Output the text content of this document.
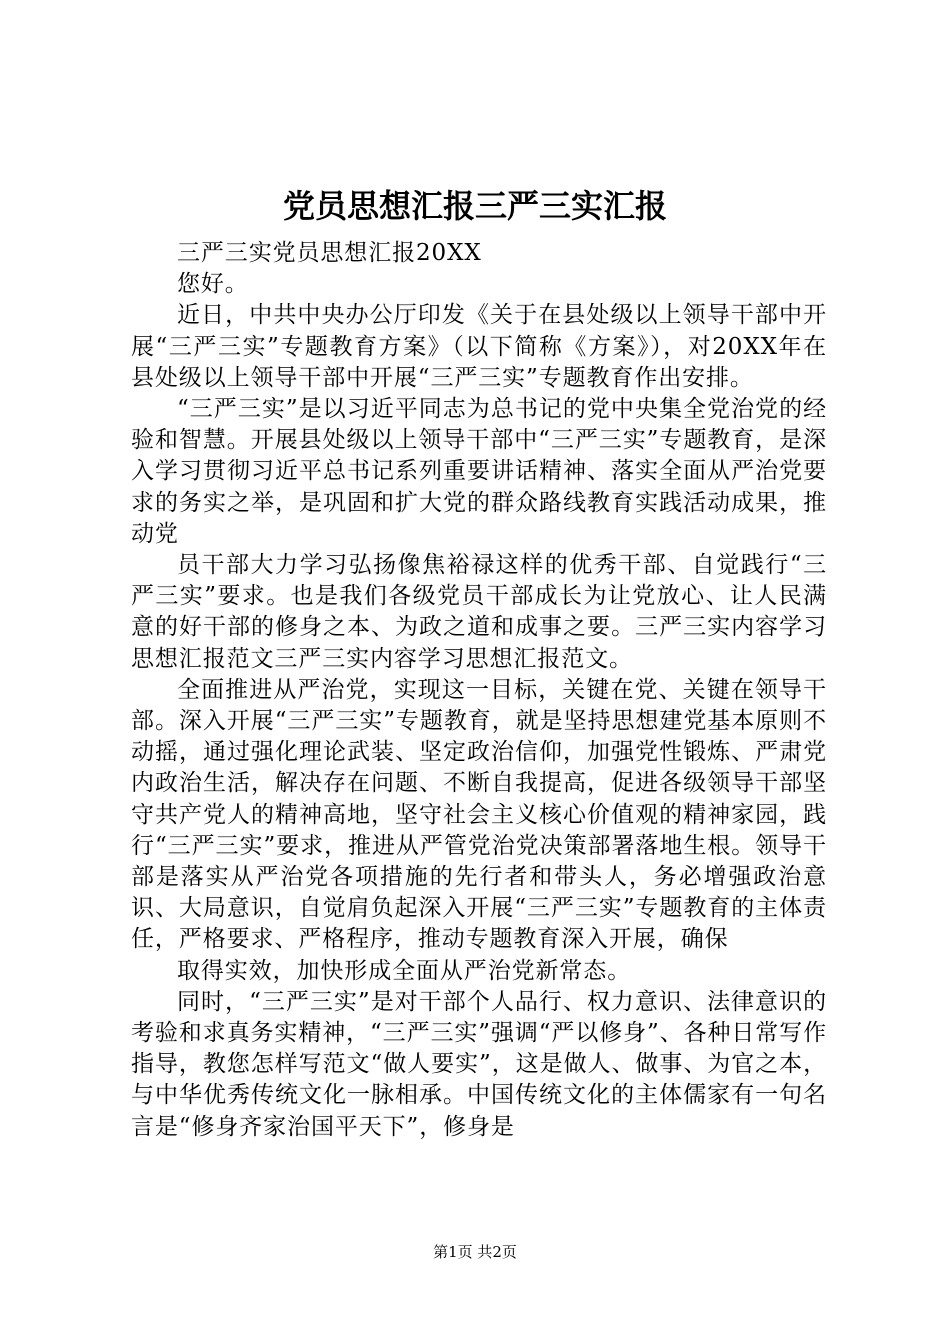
党员思想汇报三严三实汇报

三严三实党员思想汇报20XX

您好。

近日，中共中央办公厅印发《关于在县处级以上领导干部中开展“三严三实”专题教育方案》（以下简称《方案》），对20XX年在县处级以上领导干部中开展“三严三实”专题教育作出安排。

“三严三实”是以习近平同志为总书记的党中央集全党治党的经验和智慧。开展县处级以上领导干部中“三严三实”专题教育，是深入学习贯彻习近平总书记系列重要讲话精神、落实全面从严治党要求的务实之举，是巩固和扩大党的群众路线教育实践活动成果，推动党

员干部大力学习弘扬像焦裕禄这样的优秀干部、自觉践行“三严三实”要求。也是我们各级党员干部成长为让党放心、让人民满意的好干部的修身之本、为政之道和成事之要。三严三实内容学习思想汇报范文三严三实内容学习思想汇报范文。

全面推进从严治党，实现这一目标，关键在党、关键在领导干部。深入开展“三严三实”专题教育，就是坚持思想建党基本原则不动摇，通过强化理论武装、坚定政治信仰，加强党性锻炼、严肃党内政治生活，解决存在问题、不断自我提高，促进各级领导干部坚守共产党人的精神高地，坚守社会主义核心价值观的精神家园，践行“三严三实”要求，推进从严管党治党决策部署落地生根。领导干部是落实从严治党各项措施的先行者和带头人，务必增强政治意识、大局意识，自觉肩负起深入开展“三严三实”专题教育的主体责任，严格要求、严格程序，推动专题教育深入开展，确保

取得实效，加快形成全面从严治党新常态。

同时，“三严三实”是对干部个人品行、权力意识、法律意识的考验和求真务实精神，“三严三实”强调“严以修身”、各种日常写作指导，教您怎样写范文“做人要实”，这是做人、做事、为官之本，与中华优秀传统文化一脉相承。中国传统文化的主体儒家有一句名言是“修身齐家治国平天下”，修身是

第1页 共2页
